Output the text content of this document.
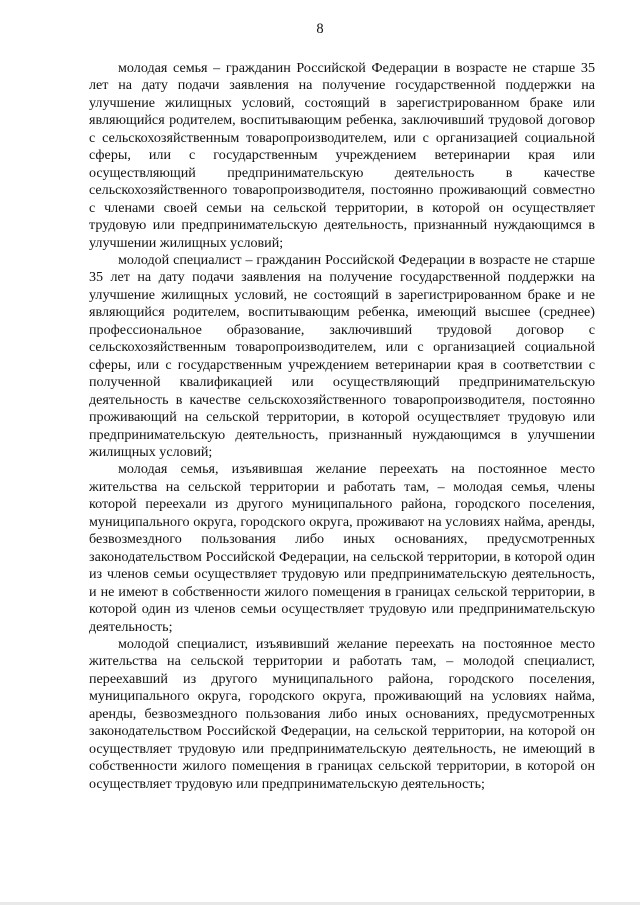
8

молодая семья – гражданин Российской Федерации в возрасте не старше 35 лет на дату подачи заявления на получение государственной поддержки на улучшение жилищных условий, состоящий в зарегистрированном браке или являющийся родителем, воспитывающим ребенка, заключивший трудовой договор с сельскохозяйственным товаропроизводителем, или с организацией социальной сферы, или с государственным учреждением ветеринарии края или осуществляющий предпринимательскую деятельность в качестве сельскохозяйственного товаропроизводителя, постоянно проживающий совместно с членами своей семьи на сельской территории, в которой он осуществляет трудовую или предпринимательскую деятельность, признанный нуждающимся в улучшении жилищных условий;

молодой специалист – гражданин Российской Федерации в возрасте не старше 35 лет на дату подачи заявления на получение государственной поддержки на улучшение жилищных условий, не состоящий в зарегистрированном браке и не являющийся родителем, воспитывающим ребенка, имеющий высшее (среднее) профессиональное образование, заключивший трудовой договор с сельскохозяйственным товаропроизводителем, или с организацией социальной сферы, или с государственным учреждением ветеринарии края в соответствии с полученной квалификацией или осуществляющий предпринимательскую деятельность в качестве сельскохозяйственного товаропроизводителя, постоянно проживающий на сельской территории, в которой осуществляет трудовую или предпринимательскую деятельность, признанный нуждающимся в улучшении жилищных условий;

молодая семья, изъявившая желание переехать на постоянное место жительства на сельской территории и работать там, – молодая семья, члены которой переехали из другого муниципального района, городского поселения, муниципального округа, городского округа, проживают на условиях найма, аренды, безвозмездного пользования либо иных основаниях, предусмотренных законодательством Российской Федерации, на сельской территории, в которой один из членов семьи осуществляет трудовую или предпринимательскую деятельность, и не имеют в собственности жилого помещения в границах сельской территории, в которой один из членов семьи осуществляет трудовую или предпринимательскую деятельность;

молодой специалист, изъявивший желание переехать на постоянное место жительства на сельской территории и работать там, – молодой специалист, переехавший из другого муниципального района, городского поселения, муниципального округа, городского округа, проживающий на условиях найма, аренды, безвозмездного пользования либо иных основаниях, предусмотренных законодательством Российской Федерации, на сельской территории, на которой он осуществляет трудовую или предпринимательскую деятельность, не имеющий в собственности жилого помещения в границах сельской территории, в которой он осуществляет трудовую или предпринимательскую деятельность;
